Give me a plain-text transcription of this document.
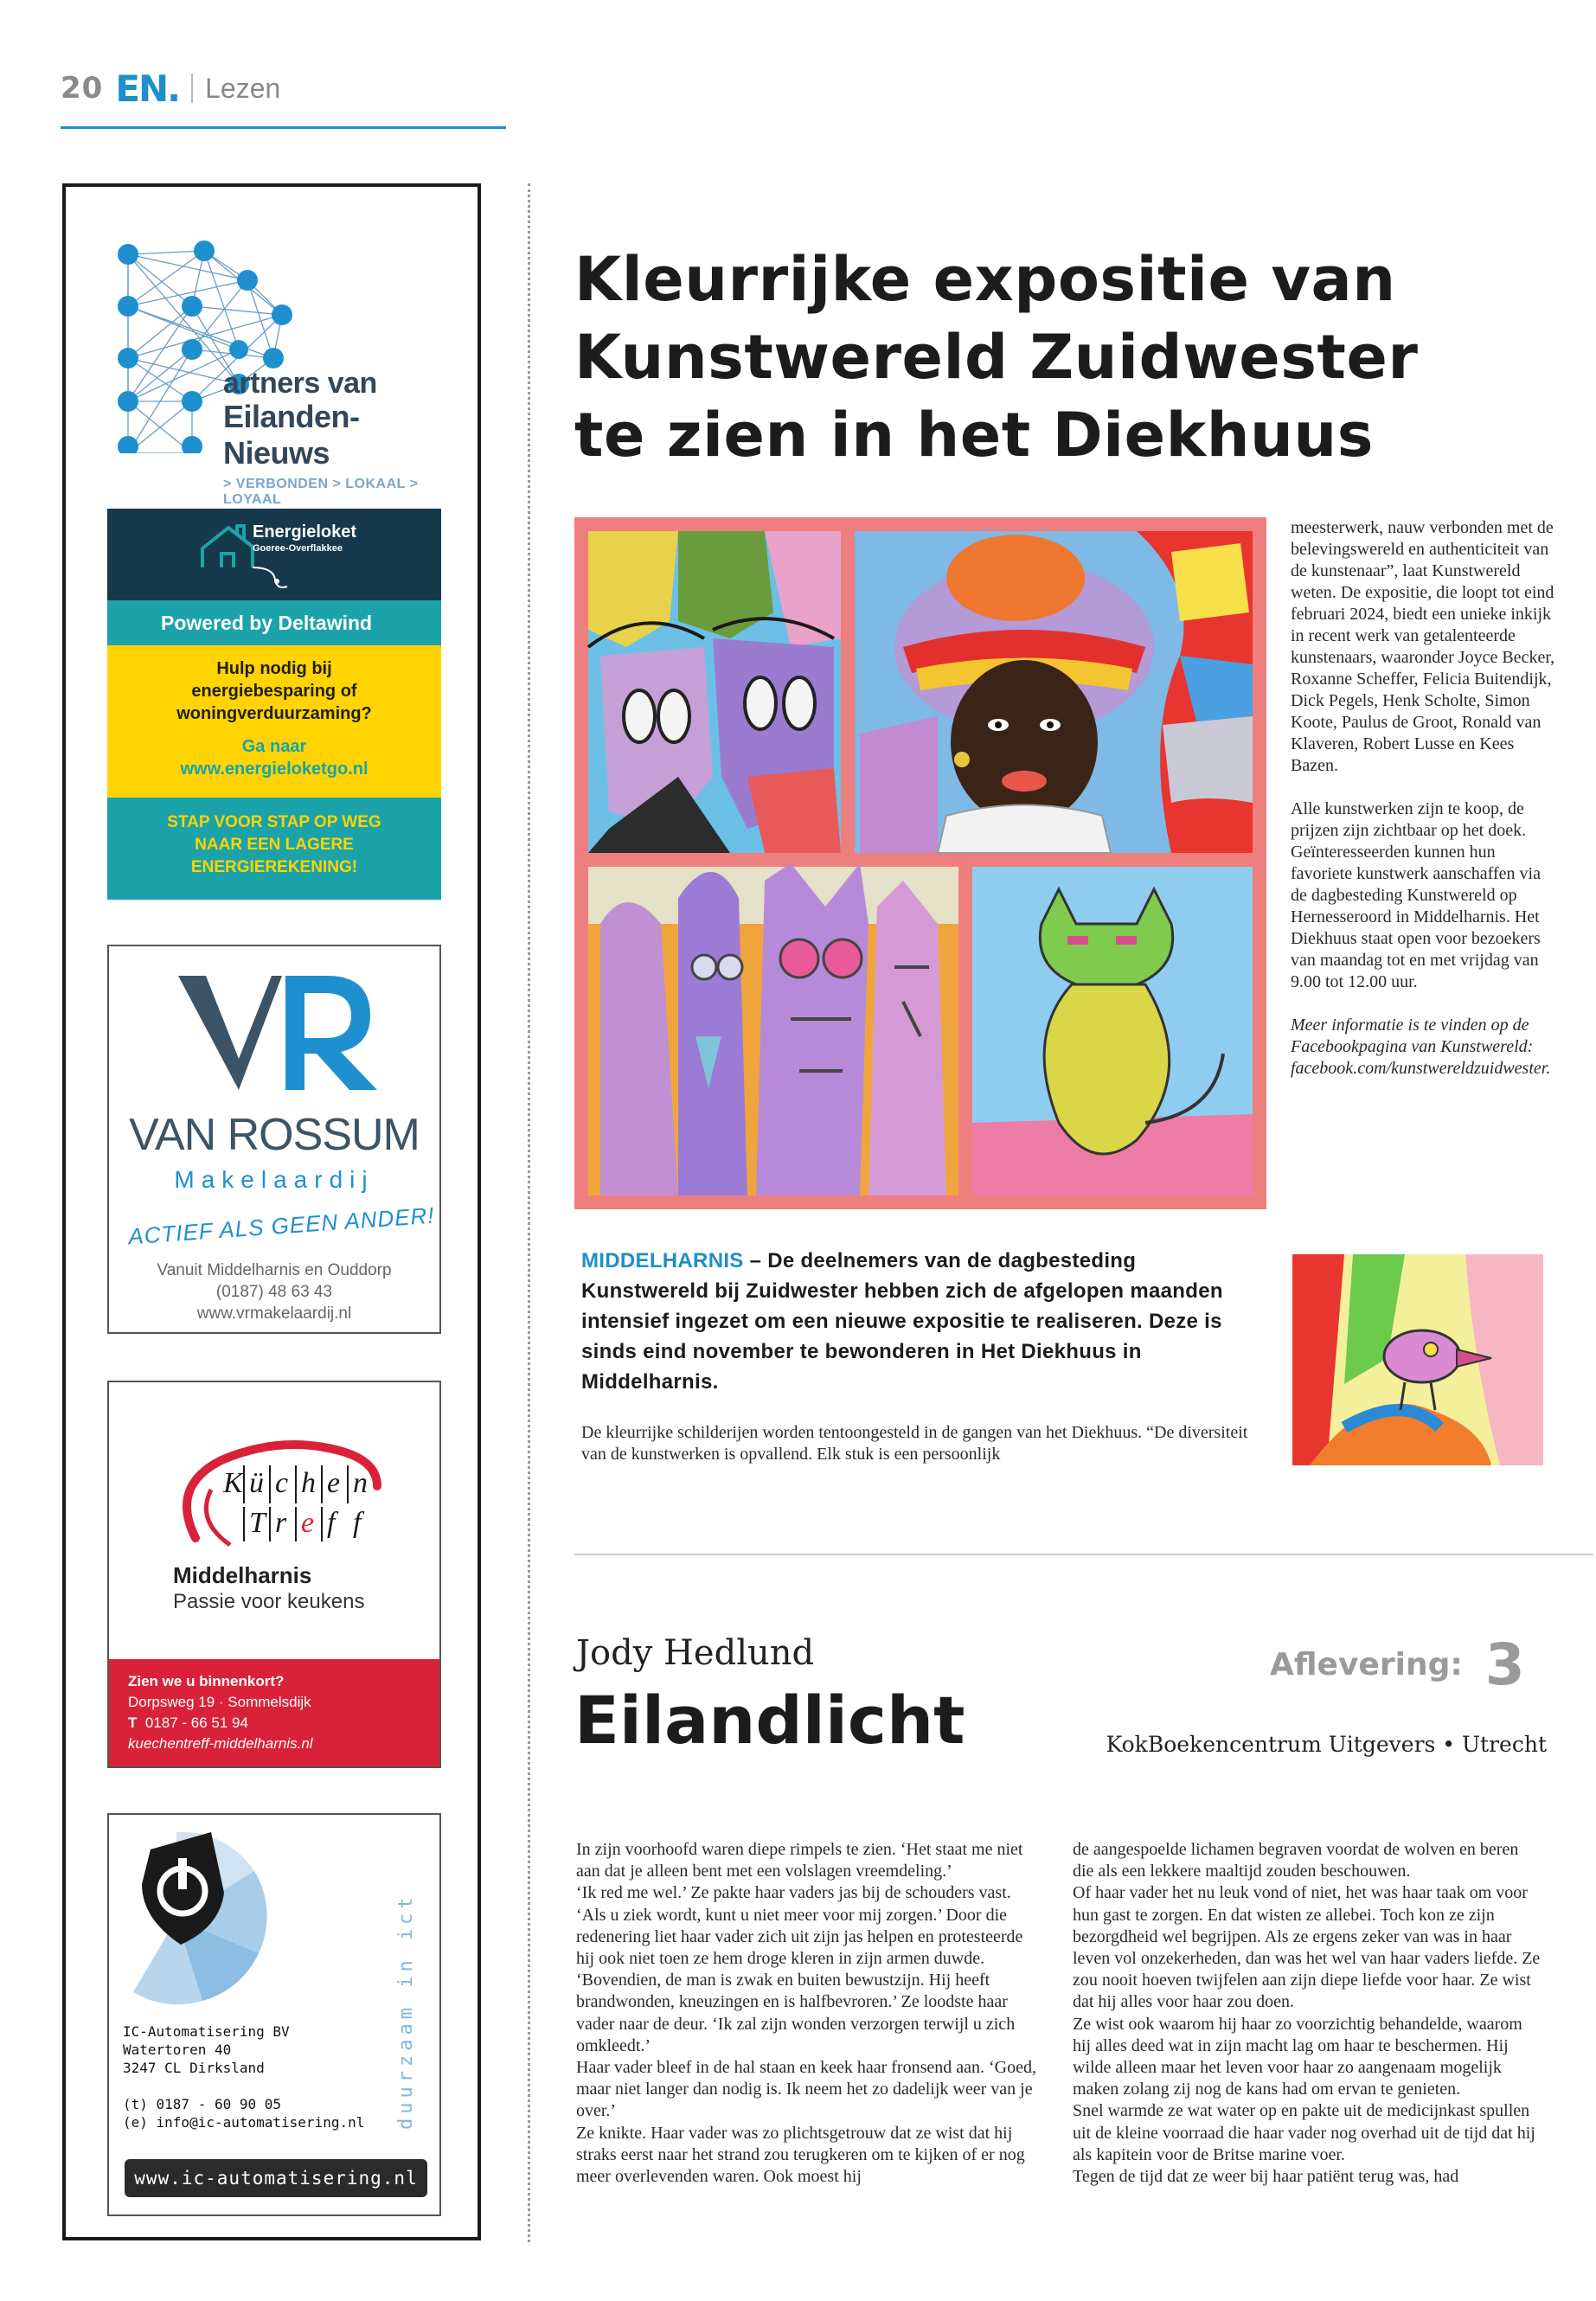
20 EN. Lezen
artners van
Eilanden-Nieuws
> VERBONDEN > LOKAAL > LOYAAL
Energieloket
Goeree-Overflakkee
Powered by Deltawind
Hulp nodig bij
energiebesparing of
woningverduurzaming?
Ga naar
www.energieloketgo.nl
STAP VOOR STAP OP WEG
NAAR EEN LAGERE
ENERGIEREKENING!
VAN ROSSUM
Makelaardij
ACTIEF ALS GEEN ANDER!
Vanuit Middelharnis en Ouddorp
(0187) 48 63 43
www.vrmakelaardij.nl
K ü c h e n
T r e f f
Middelharnis
Passie voor keukens
Zien we u binnenkort?
Dorpsweg 19 · Sommelsdijk
T 0187 - 66 51 94
kuechentreff-middelharnis.nl
IC-Automatisering BV
Watertoren 40
3247 CL Dirksland

(t) 0187 - 60 90 05
(e) info@ic-automatisering.nl
www.ic-automatisering.nl
duurzaam in ict
Kleurrijke expositie van
Kunstwereld Zuidwester
te zien in het Diekhuus

meesterwerk, nauw verbonden met de belevingswereld en authenticiteit van de kunstenaar”, laat Kunstwereld weten. De expositie, die loopt tot eind februari 2024, biedt een unieke inkijk in recent werk van getalenteerde kunstenaars, waaronder Joyce Becker, Roxanne Scheffer, Felicia Buitendijk, Dick Pegels, Henk Scholte, Simon Koote, Paulus de Groot, Ronald van Klaveren, Robert Lusse en Kees Bazen.

Alle kunstwerken zijn te koop, de prijzen zijn zichtbaar op het doek. Geïnteresseerden kunnen hun favoriete kunstwerk aanschaffen via de dagbesteding Kunstwereld op Hernesseroord in Middelharnis. Het Diekhuus staat open voor bezoekers van maandag tot en met vrijdag van 9.00 tot 12.00 uur.

Meer informatie is te vinden op de Facebookpagina van Kunstwereld: facebook.com/kunstwereldzuidwester.

MIDDELHARNIS – De deelnemers van de dagbesteding Kunstwereld bij Zuidwester hebben zich de afgelopen maanden intensief ingezet om een nieuwe expositie te realiseren. Deze is sinds eind november te bewonderen in Het Diekhuus in Middelharnis.
De kleurrijke schilderijen worden tentoongesteld in de gangen van het Diekhuus. “De diversiteit van de kunstwerken is opvallend. Elk stuk is een persoonlijk
Jody Hedlund
Eilandlicht
Aflevering: 3
KokBoekencentrum Uitgevers • Utrecht
In zijn voorhoofd waren diepe rimpels te zien. ‘Het staat me niet aan dat je alleen bent met een volslagen vreemdeling.’
‘Ik red me wel.’ Ze pakte haar vaders jas bij de schouders vast. ‘Als u ziek wordt, kunt u niet meer voor mij zorgen.’ Door die redenering liet haar vader zich uit zijn jas helpen en protesteerde hij ook niet toen ze hem droge kleren in zijn armen duwde.
‘Bovendien, de man is zwak en buiten bewustzijn. Hij heeft brandwonden, kneuzingen en is halfbevroren.’ Ze loodste haar vader naar de deur. ‘Ik zal zijn wonden verzorgen terwijl u zich omkleedt.’
Haar vader bleef in de hal staan en keek haar fronsend aan. ‘Goed, maar niet langer dan nodig is. Ik neem het zo dadelijk weer van je over.’
Ze knikte. Haar vader was zo plichtsgetrouw dat ze wist dat hij straks eerst naar het strand zou terugkeren om te kijken of er nog meer overlevenden waren. Ook moest hij
de aangespoelde lichamen begraven voordat de wolven en beren die als een lekkere maaltijd zouden beschouwen.
Of haar vader het nu leuk vond of niet, het was haar taak om voor hun gast te zorgen. En dat wisten ze allebei. Toch kon ze zijn bezorgdheid wel begrijpen. Als ze ergens zeker van was in haar leven vol onzekerheden, dan was het wel van haar vaders liefde. Ze zou nooit hoeven twijfelen aan zijn diepe liefde voor haar. Ze wist dat hij alles voor haar zou doen.
Ze wist ook waarom hij haar zo voorzichtig behandelde, waarom hij alles deed wat in zijn macht lag om haar te beschermen. Hij wilde alleen maar het leven voor haar zo aangenaam mogelijk maken zolang zij nog de kans had om ervan te genieten.
Snel warmde ze wat water op en pakte uit de medicijnkast spullen uit de kleine voorraad die haar vader nog overhad uit de tijd dat hij als kapitein voor de Britse marine voer.
Tegen de tijd dat ze weer bij haar patiënt terug was, had
